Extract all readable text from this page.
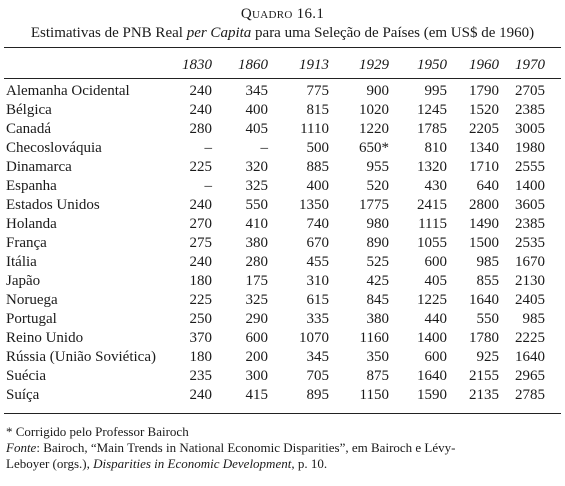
Quadro 16.1
Estimativas de PNB Real per Capita para uma Seleção de Países (em US$ de 1960)
	1830	1860	1913	1929	1950	1960	1970
Alemanha Ocidental	240	345	775	900	995	1790	2705
Bélgica	240	400	815	1020	1245	1520	2385
Canadá	280	405	1110	1220	1785	2205	3005
Checoslováquia	–	–	500	650*	810	1340	1980
Dinamarca	225	320	885	955	1320	1710	2555
Espanha	–	325	400	520	430	640	1400
Estados Unidos	240	550	1350	1775	2415	2800	3605
Holanda	270	410	740	980	1115	1490	2385
França	275	380	670	890	1055	1500	2535
Itália	240	280	455	525	600	985	1670
Japão	180	175	310	425	405	855	2130
Noruega	225	325	615	845	1225	1640	2405
Portugal	250	290	335	380	440	550	985
Reino Unido	370	600	1070	1160	1400	1780	2225
Rússia (União Soviética)	180	200	345	350	600	925	1640
Suécia	235	300	705	875	1640	2155	2965
Suíça	240	415	895	1150	1590	2135	2785
* Corrigido pelo Professor Bairoch
Fonte: Bairoch, “Main Trends in National Economic Disparities”, em Bairoch e Lévy-
Leboyer (orgs.), Disparities in Economic Development, p. 10.
